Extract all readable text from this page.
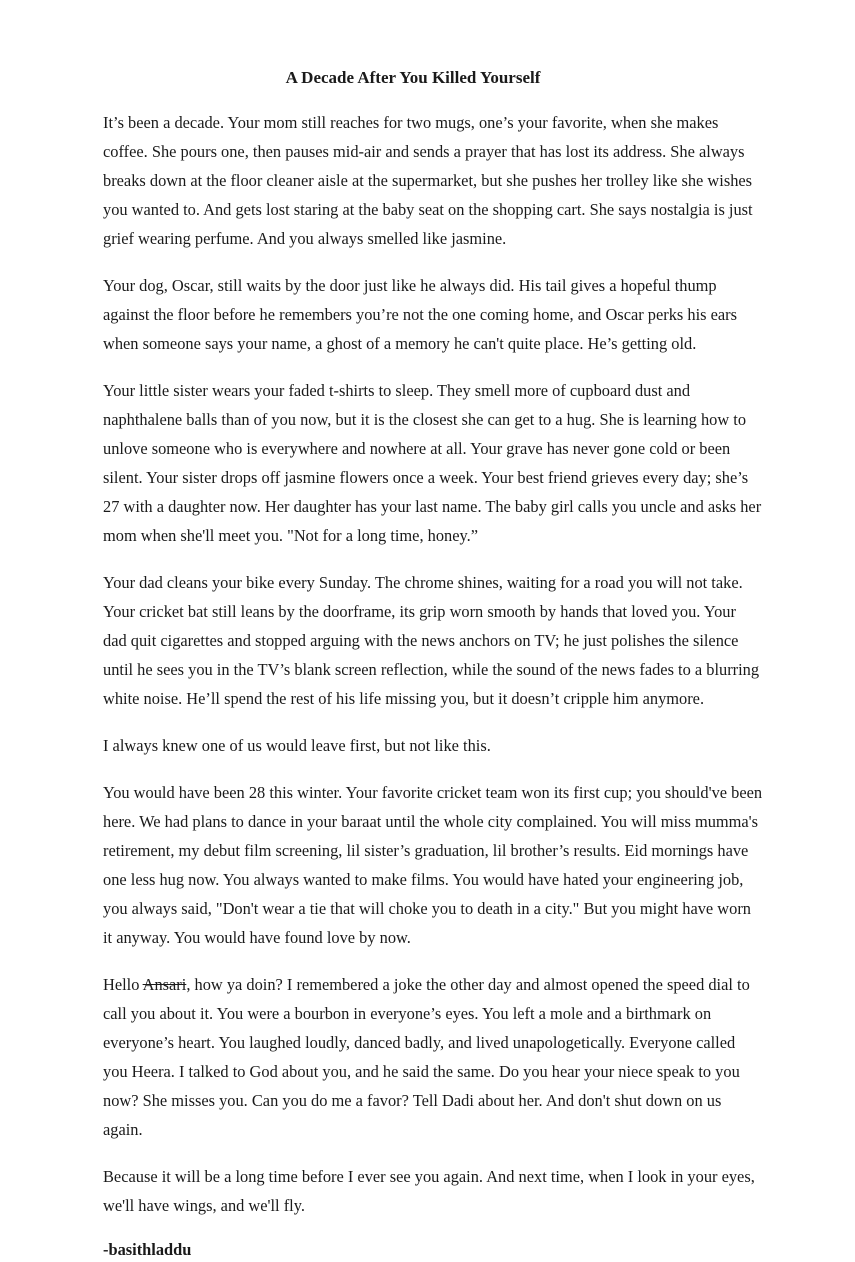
A Decade After You Killed Yourself

It’s been a decade. Your mom still reaches for two mugs, one’s your favorite, when she makes coffee. She pours one, then pauses mid-air and sends a prayer that has lost its address. She always breaks down at the floor cleaner aisle at the supermarket, but she pushes her trolley like she wishes you wanted to. And gets lost staring at the baby seat on the shopping cart. She says nostalgia is just grief wearing perfume. And you always smelled like jasmine.

Your dog, Oscar, still waits by the door just like he always did. His tail gives a hopeful thump against the floor before he remembers you’re not the one coming home, and Oscar perks his ears when someone says your name, a ghost of a memory he can't quite place. He’s getting old.

Your little sister wears your faded t-shirts to sleep. They smell more of cupboard dust and naphthalene balls than of you now, but it is the closest she can get to a hug. She is learning how to unlove someone who is everywhere and nowhere at all. Your grave has never gone cold or been silent. Your sister drops off jasmine flowers once a week. Your best friend grieves every day; she’s 27 with a daughter now. Her daughter has your last name. The baby girl calls you uncle and asks her mom when she'll meet you. "Not for a long time, honey.”

Your dad cleans your bike every Sunday. The chrome shines, waiting for a road you will not take. Your cricket bat still leans by the doorframe, its grip worn smooth by hands that loved you. Your dad quit cigarettes and stopped arguing with the news anchors on TV; he just polishes the silence until he sees you in the TV’s blank screen reflection, while the sound of the news fades to a blurring white noise. He’ll spend the rest of his life missing you, but it doesn’t cripple him anymore.

I always knew one of us would leave first, but not like this.

You would have been 28 this winter. Your favorite cricket team won its first cup; you should've been here. We had plans to dance in your baraat until the whole city complained. You will miss mumma's retirement, my debut film screening, lil sister’s graduation, lil brother’s results. Eid mornings have one less hug now. You always wanted to make films. You would have hated your engineering job, you always said, "Don't wear a tie that will choke you to death in a city." But you might have worn it anyway. You would have found love by now.

Hello Ansari, how ya doin? I remembered a joke the other day and almost opened the speed dial to call you about it. You were a bourbon in everyone’s eyes. You left a mole and a birthmark on everyone’s heart. You laughed loudly, danced badly, and lived unapologetically. Everyone called you Heera. I talked to God about you, and he said the same. Do you hear your niece speak to you now? She misses you. Can you do me a favor? Tell Dadi about her. And don't shut down on us again.

Because it will be a long time before I ever see you again. And next time, when I look in your eyes, we'll have wings, and we'll fly.

-basithladdu
